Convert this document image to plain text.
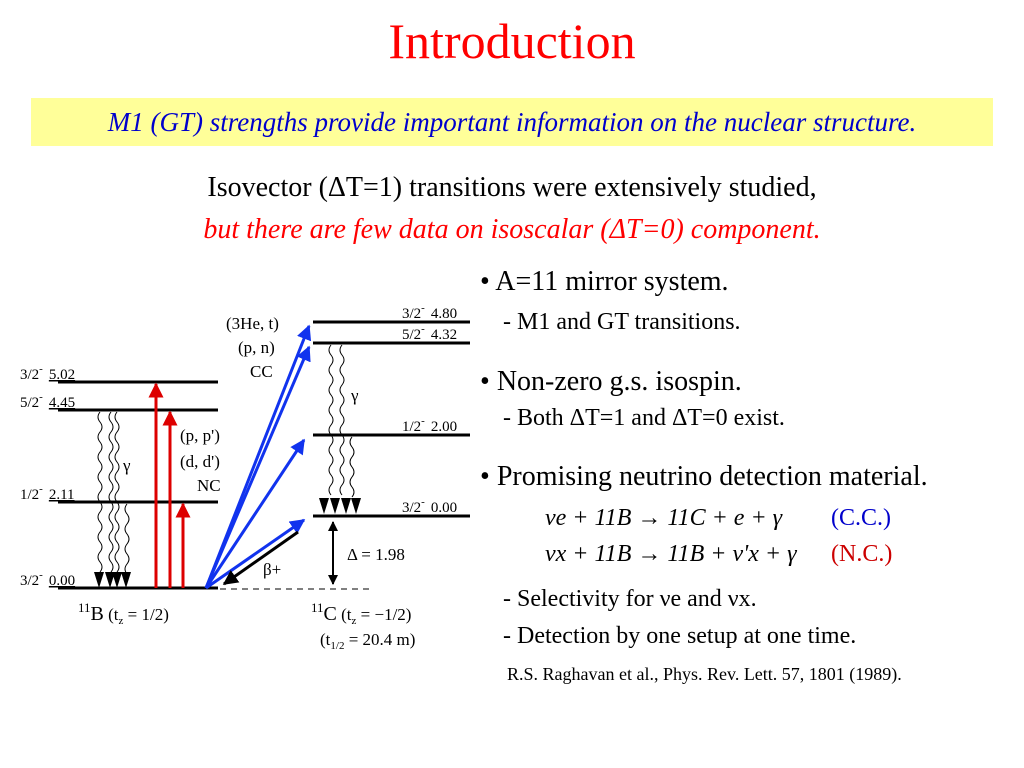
Introduction
M1 (GT) strengths provide important information on the nuclear structure.
Isovector (ΔT=1) transitions were extensively studied,
but there are few data on isoscalar (ΔT=0) component.
• A=11 mirror system.
- M1 and GT transitions.
• Non-zero g.s. isospin.
- Both ΔT=1 and ΔT=0 exist.
• Promising neutrino detection material.
νe + 11B → 11C + e + γ (C.C.)
νx + 11B → 11B + ν'x + γ (N.C.)
- Selectivity for νe and νx.
- Detection by one setup at one time.
R.S. Raghavan et al., Phys. Rev. Lett. 57, 1801 (1989).
3/2- 5.02
5/2- 4.45
1/2- 2.11
3/2- 0.00
γ
(p, p')
(d, d')
NC
(3He, t)
(p, n)
CC
3/2- 4.80
5/2- 4.32
1/2- 2.00
3/2- 0.00
γ
β+
Δ = 1.98
$^{11}$B ($t_z$ $^{= 1/2)}$	$^{11}$C ($t_z$ $^{= -1/2)}$
($t_{1/2} = 20.4$ m)
